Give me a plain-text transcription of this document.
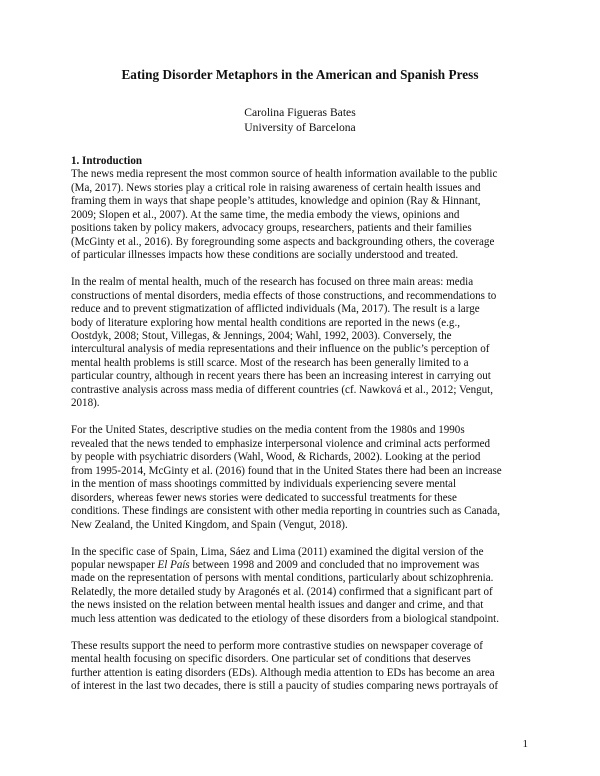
Eating Disorder Metaphors in the American and Spanish Press
Carolina Figueras Bates
University of Barcelona
1. Introduction
The news media represent the most common source of health information available to the public
(Ma, 2017). News stories play a critical role in raising awareness of certain health issues and
framing them in ways that shape people’s attitudes, knowledge and opinion (Ray & Hinnant,
2009; Slopen et al., 2007). At the same time, the media embody the views, opinions and
positions taken by policy makers, advocacy groups, researchers, patients and their families
(McGinty et al., 2016). By foregrounding some aspects and backgrounding others, the coverage
of particular illnesses impacts how these conditions are socially understood and treated.
In the realm of mental health, much of the research has focused on three main areas: media
constructions of mental disorders, media effects of those constructions, and recommendations to
reduce and to prevent stigmatization of afflicted individuals (Ma, 2017). The result is a large
body of literature exploring how mental health conditions are reported in the news (e.g.,
Oostdyk, 2008; Stout, Villegas, & Jennings, 2004; Wahl, 1992, 2003). Conversely, the
intercultural analysis of media representations and their influence on the public’s perception of
mental health problems is still scarce. Most of the research has been generally limited to a
particular country, although in recent years there has been an increasing interest in carrying out
contrastive analysis across mass media of different countries (cf. Nawková et al., 2012; Vengut,
2018).
For the United States, descriptive studies on the media content from the 1980s and 1990s
revealed that the news tended to emphasize interpersonal violence and criminal acts performed
by people with psychiatric disorders (Wahl, Wood, & Richards, 2002). Looking at the period
from 1995-2014, McGinty et al. (2016) found that in the United States there had been an increase
in the mention of mass shootings committed by individuals experiencing severe mental
disorders, whereas fewer news stories were dedicated to successful treatments for these
conditions. These findings are consistent with other media reporting in countries such as Canada,
New Zealand, the United Kingdom, and Spain (Vengut, 2018).
In the specific case of Spain, Lima, Sáez and Lima (2011) examined the digital version of the
popular newspaper El País between 1998 and 2009 and concluded that no improvement was
made on the representation of persons with mental conditions, particularly about schizophrenia.
Relatedly, the more detailed study by Aragonés et al. (2014) confirmed that a significant part of
the news insisted on the relation between mental health issues and danger and crime, and that
much less attention was dedicated to the etiology of these disorders from a biological standpoint.
These results support the need to perform more contrastive studies on newspaper coverage of
mental health focusing on specific disorders. One particular set of conditions that deserves
further attention is eating disorders (EDs). Although media attention to EDs has become an area
of interest in the last two decades, there is still a paucity of studies comparing news portrayals of
1
